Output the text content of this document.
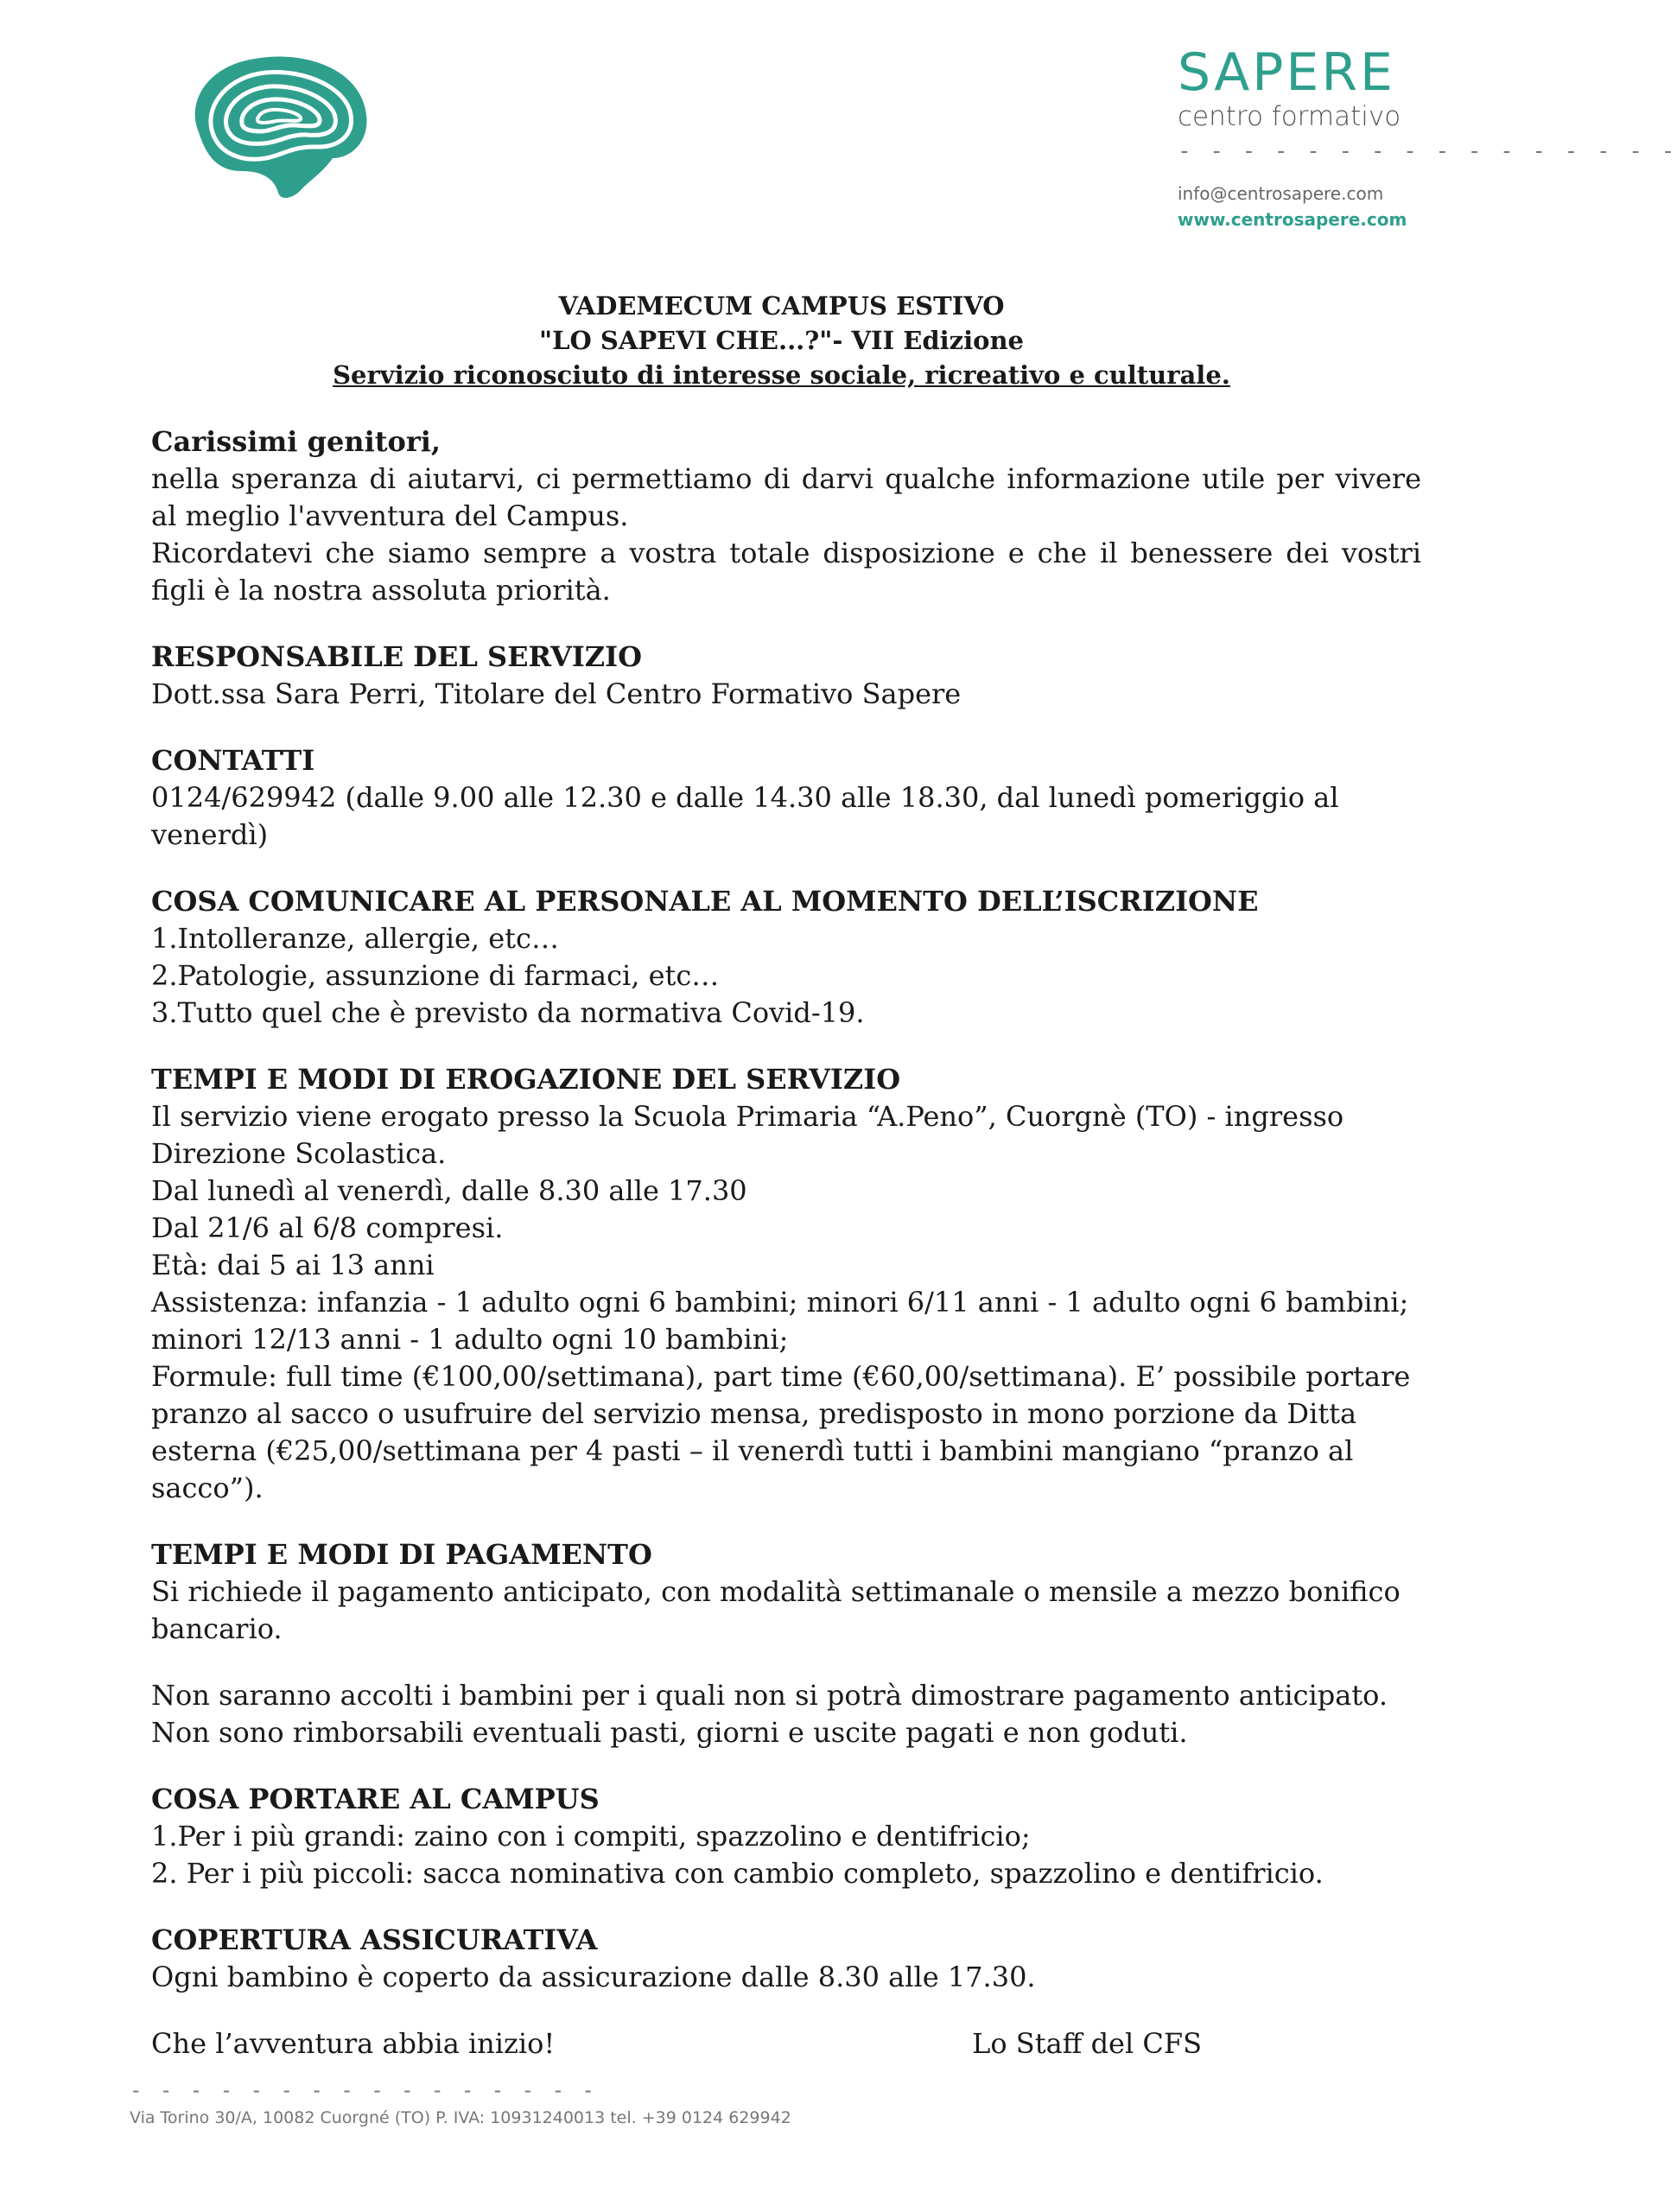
SAPERE

centro formativo

- - - - - - - - - - - - - - - -
info@centrosapere.com
www.centrosapere.com

VADEMECUM CAMPUS ESTIVO

"LO SAPEVI CHE...?"- VII Edizione

Servizio riconosciuto di interesse sociale, ricreativo e culturale.

Carissimi genitori,

nella speranza di aiutarvi, ci permettiamo di darvi qualche informazione utile per vivere al meglio l'avventura del Campus.

Ricordatevi che siamo sempre a vostra totale disposizione e che il benessere dei vostri figli è la nostra assoluta priorità.

RESPONSABILE DEL SERVIZIO

Dott.ssa Sara Perri, Titolare del Centro Formativo Sapere

CONTATTI

0124/629942 (dalle 9.00 alle 12.30 e dalle 14.30 alle 18.30, dal lunedì pomeriggio al venerdì)

COSA COMUNICARE AL PERSONALE AL MOMENTO DELL’ISCRIZIONE

1.Intolleranze, allergie, etc…

2.Patologie, assunzione di farmaci, etc…

3.Tutto quel che è previsto da normativa Covid-19.

TEMPI E MODI DI EROGAZIONE DEL SERVIZIO

Il servizio viene erogato presso la Scuola Primaria “A.Peno”, Cuorgnè (TO) - ingresso

Direzione Scolastica.

Dal lunedì al venerdì, dalle 8.30 alle 17.30

Dal 21/6 al 6/8 compresi.

Età: dai 5 ai 13 anni

Assistenza: infanzia - 1 adulto ogni 6 bambini; minori 6/11 anni - 1 adulto ogni 6 bambini;

minori 12/13 anni - 1 adulto ogni 10 bambini;

Formule: full time (€100,00/settimana), part time (€60,00/settimana). E’ possibile portare pranzo al sacco o usufruire del servizio mensa, predisposto in mono porzione da Ditta esterna (€25,00/settimana per 4 pasti – il venerdì tutti i bambini mangiano “pranzo al sacco”).

TEMPI E MODI DI PAGAMENTO

Si richiede il pagamento anticipato, con modalità settimanale o mensile a mezzo bonifico bancario.

Non saranno accolti i bambini per i quali non si potrà dimostrare pagamento anticipato.

Non sono rimborsabili eventuali pasti, giorni e uscite pagati e non goduti.

COSA PORTARE AL CAMPUS

1.Per i più grandi: zaino con i compiti, spazzolino e dentifricio;

2. Per i più piccoli: sacca nominativa con cambio completo, spazzolino e dentifricio.

COPERTURA ASSICURATIVA

Ogni bambino è coperto da assicurazione dalle 8.30 alle 17.30.

Che l’avventura abbia inizio!	Lo Staff del CFS
- - - - - - - - - - - - - - - -
Via Torino 30/A, 10082 Cuorgné (TO) P. IVA: 10931240013 tel. +39 0124 629942
